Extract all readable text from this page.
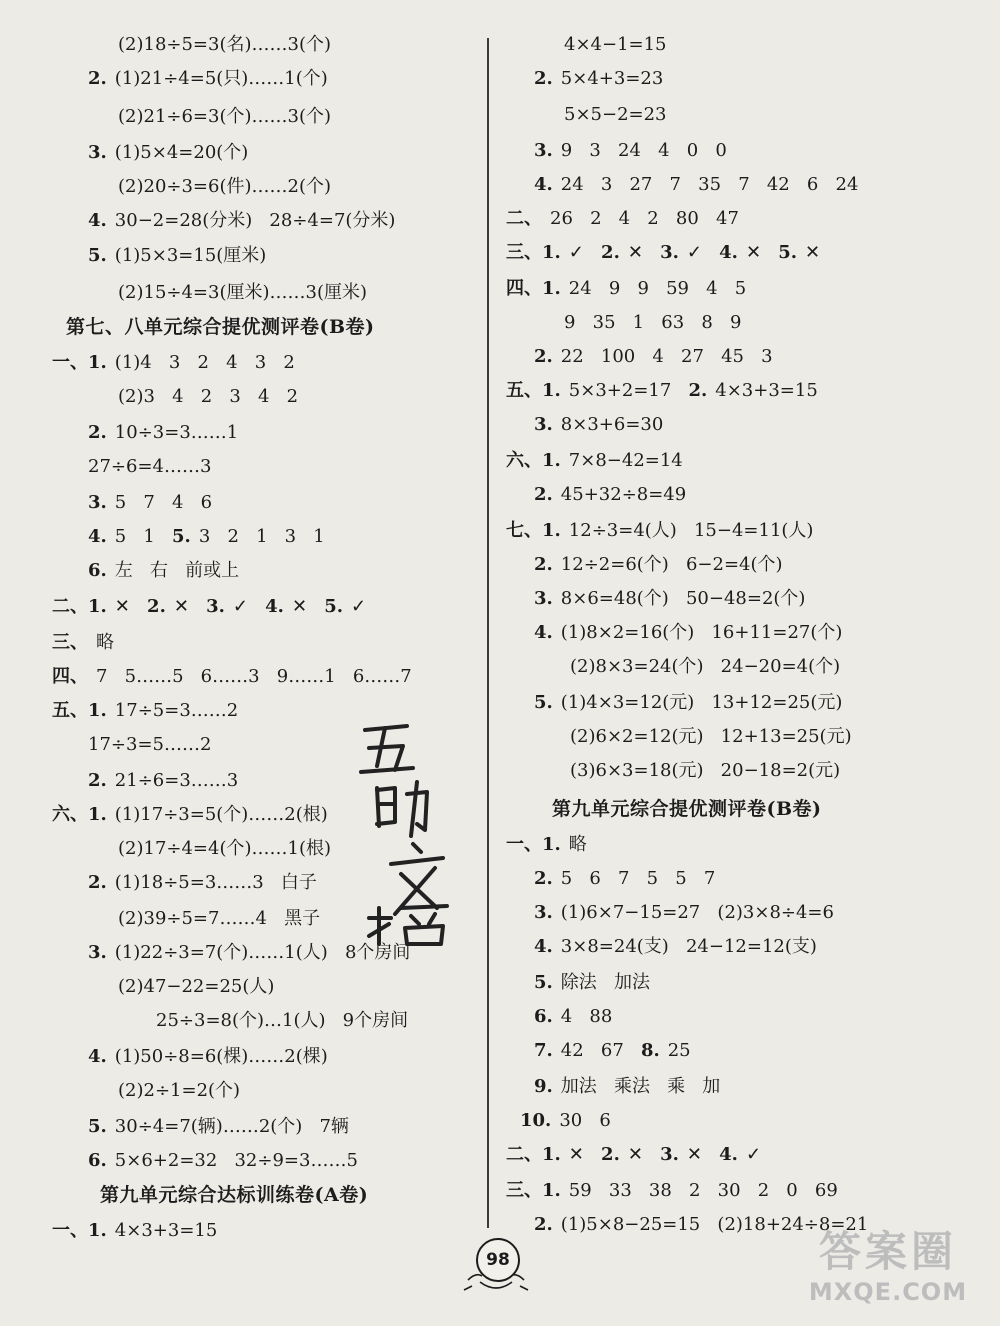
(2)18÷5=3(名)……3(个)
2. (1)21÷4=5(只)……1(个)
(2)21÷6=3(个)……3(个)
3. (1)5×4=20(个)
(2)20÷3=6(件)……2(个)
4. 30−2=28(分米)   28÷4=7(分米)
5. (1)5×3=15(厘米)
(2)15÷4=3(厘米)……3(厘米)
第七、八单元综合提优测评卷(B卷)
一、1. (1)4   3   2   4   3   2
(2)3   4   2   3   4   2
2. 10÷3=3……1
27÷6=4……3
3. 5   7   4   6
4. 5   1   5. 3   2   1   3   1
6. 左   右   前或上
二、1. ✕   2. ✕   3. ✓   4. ✕   5. ✓
三、 略
四、 7   5……5   6……3   9……1   6……7
五、1. 17÷5=3……2
17÷3=5……2
2. 21÷6=3……3
六、1. (1)17÷3=5(个)……2(根)
(2)17÷4=4(个)……1(根)
2. (1)18÷5=3……3   白子
(2)39÷5=7……4   黑子
3. (1)22÷3=7(个)……1(人)   8个房间
(2)47−22=25(人)
25÷3=8(个)…1(人)   9个房间
4. (1)50÷8=6(棵)……2(棵)
(2)2÷1=2(个)
5. 30÷4=7(辆)……2(个)   7辆
6. 5×6+2=32   32÷9=3……5
第九单元综合达标训练卷(A卷)
一、1. 4×3+3=15
4×4−1=15
2. 5×4+3=23
5×5−2=23
3. 9   3   24   4   0   0
4. 24   3   27   7   35   7   42   6   24
二、 26   2   4   2   80   47
三、1. ✓   2. ✕   3. ✓   4. ✕   5. ✕
四、1. 24   9   9   59   4   5
9   35   1   63   8   9
2. 22   100   4   27   45   3
五、1. 5×3+2=17   2. 4×3+3=15
3. 8×3+6=30
六、1. 7×8−42=14
2. 45+32÷8=49
七、1. 12÷3=4(人)   15−4=11(人)
2. 12÷2=6(个)   6−2=4(个)
3. 8×6=48(个)   50−48=2(个)
4. (1)8×2=16(个)   16+11=27(个)
(2)8×3=24(个)   24−20=4(个)
5. (1)4×3=12(元)   13+12=25(元)
(2)6×2=12(元)   12+13=25(元)
(3)6×3=18(元)   20−18=2(元)
第九单元综合提优测评卷(B卷)
一、1. 略
2. 5   6   7   5   5   7
3. (1)6×7−15=27   (2)3×8÷4=6
4. 3×8=24(支)   24−12=12(支)
5. 除法   加法
6. 4   88
7. 42   67   8. 25
9. 加法   乘法   乘   加
10. 30   6
二、1. ✕   2. ✕   3. ✕   4. ✓
三、1. 59   33   38   2   30   2   0   69
2. (1)5×8−25=15   (2)18+24÷8=21
98	答案圈
MXQE.COM
